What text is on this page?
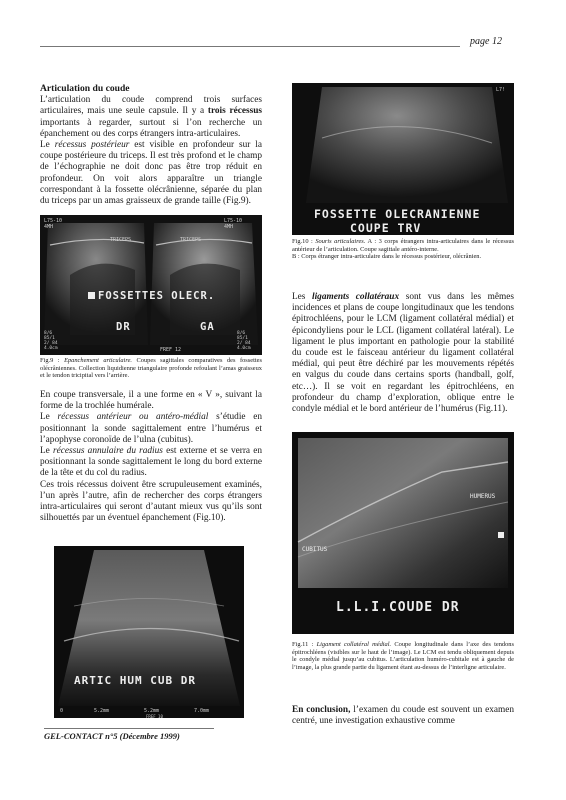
page 12
Articulation du coude

L’articulation du coude comprend trois surfaces articulaires, mais une seule capsule. Il y a trois récessus importants à regarder, surtout si l’on recherche un épanchement ou des corps étrangers intra-articulaires.

Le récessus postérieur est visible en profondeur sur la coupe postérieure du triceps. Il est très profond et le champ de l’échographie ne doit donc pas être trop réduit en profondeur. On voit alors apparaître un triangle correspondant à la fossette olécrânienne, séparée du plan du triceps par un amas graisseux de grande taille (Fig.9).

L75-10
4MH
L75-10
4MH
TRICEPS	TRICEPS
8/6
85/1
2/ 84
4.0cm
8/6
85/1
2/ 84
4.0cm
FOSSETTES OLECR.
DR	GA
FREF 12
Fig.9 : Epanchement articulaire. Coupes sagittales comparatives des fossettes olécrâniennes. Collection liquidienne triangulaire profonde refoulant l’amas graisseux et le tendon tricipital vers l’arrière.

En coupe transversale, il a une forme en « V », suivant la forme de la trochlée humérale.

Le récessus antérieur ou antéro-médial s’étudie en positionnant la sonde sagittalement entre l’humérus et l’apophyse coronoïde de l’ulna (cubitus).

Le récessus annulaire du radius est externe et se verra en positionnant la sonde sagittalement le long du bord externe de la tête et du col du radius.

Ces trois récessus doivent être scrupuleusement examinés, l’un après l’autre, afin de rechercher des corps étrangers intra-articulaires qui seront d’autant mieux vus qu’ils sont silhouettés par un éventuel épanchement (Fig.10).

ARTIC HUM CUB DR
0	5.2mm	5.2mm	7.0mm
FREF 10
L7!
FOSSETTE OLECRANIENNE
COUPE TRV
Fig.10 : Souris articulaires. A : 3 corps étrangers intra-articulaires dans le récessus antérieur de l’articulation. Coupe sagittale antéro-interne.
B : Corps étranger intra-articulaire dans le récessus postérieur, olécrânien.

Les ligaments collatéraux sont vus dans les mêmes incidences et plans de coupe longitudinaux que les tendons épitrochléens, pour le LCM (ligament collatéral médial) et épicondyliens pour le LCL (ligament collatéral latéral). Le ligament le plus important en pathologie pour la stabilité du coude est le faisceau antérieur du ligament collatéral médial, qui peut être déchiré par les mouvements répétés en valgus du coude dans certains sports (handball, golf, etc…). Il se voit en regardant les épitrochléens, en profondeur du champ d’exploration, oblique entre le condyle médial et le bord antérieur de l’humérus (Fig.11).

HUMERUS
CUBITUS
L.L.I.COUDE DR
Fig.11 : Ligament collatéral médial. Coupe longitudinale dans l’axe des tendons épitrochléens (visibles sur le haut de l’image). Le LCM est tendu obliquement depuis le condyle médial jusqu’au cubitus. L’articulation huméro-cubitale est à gauche de l’image, la plus grande partie du ligament étant au-dessus de l’interligne articulaire.
En conclusion, l’examen du coude est souvent un examen centré, une investigation exhaustive comme
GEL-CONTACT n°5 (Décembre 1999)
